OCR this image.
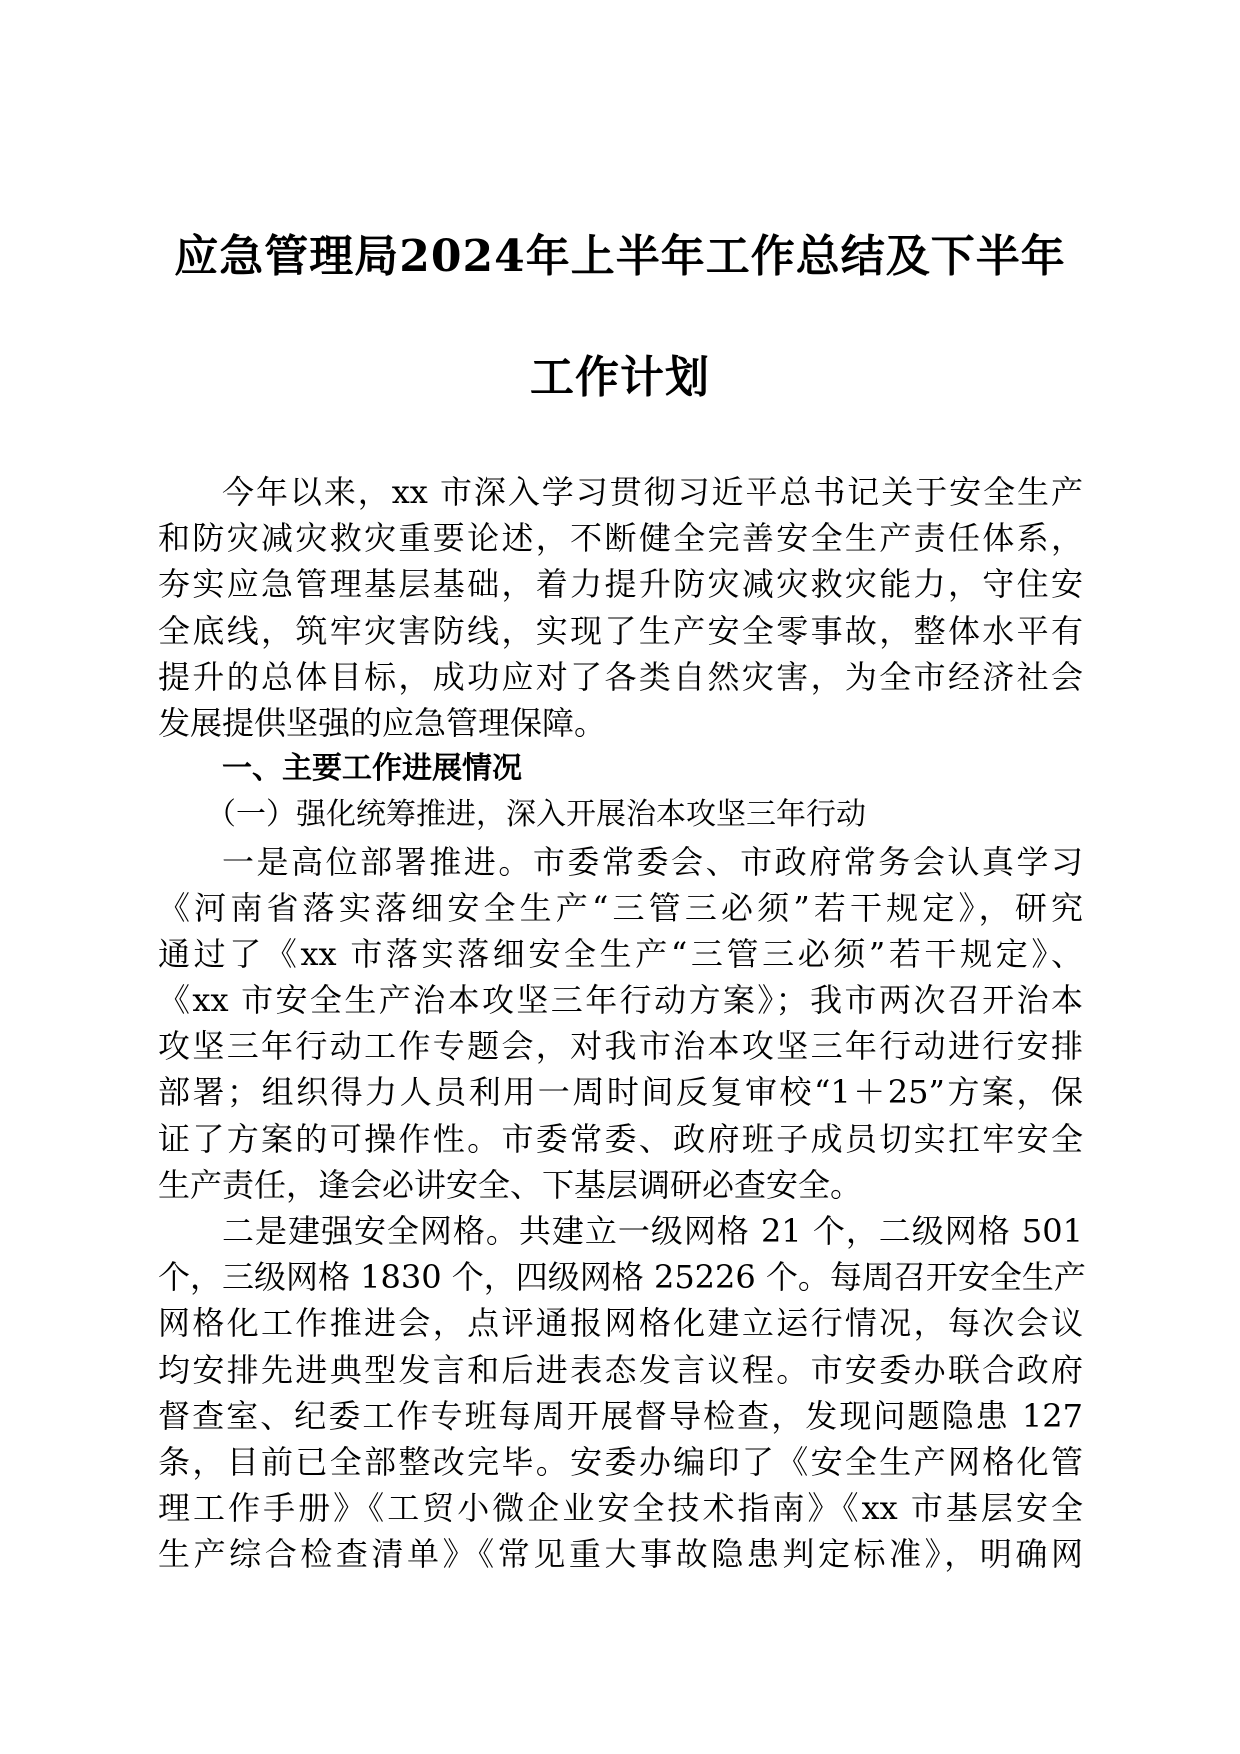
应急管理局2024年上半年工作总结及下半年
工作计划
今年以来，xx 市深入学习贯彻习近平总书记关于安全生产
和防灾减灾救灾重要论述，不断健全完善安全生产责任体系，
夯实应急管理基层基础，着力提升防灾减灾救灾能力，守住安
全底线，筑牢灾害防线，实现了生产安全零事故，整体水平有
提升的总体目标，成功应对了各类自然灾害，为全市经济社会
发展提供坚强的应急管理保障。
一、主要工作进展情况
（一）强化统筹推进，深入开展治本攻坚三年行动
一是高位部署推进。市委常委会、市政府常务会认真学习
《河南省落实落细安全生产“三管三必须”若干规定》，研究
通过了《xx 市落实落细安全生产“三管三必须”若干规定》、
《xx 市安全生产治本攻坚三年行动方案》；我市两次召开治本
攻坚三年行动工作专题会，对我市治本攻坚三年行动进行安排
部署；组织得力人员利用一周时间反复审校“1＋25”方案，保
证了方案的可操作性。市委常委、政府班子成员切实扛牢安全
生产责任，逢会必讲安全、下基层调研必查安全。
二是建强安全网格。共建立一级网格 21 个，二级网格 501
个，三级网格 1830 个，四级网格 25226 个。每周召开安全生产
网格化工作推进会，点评通报网格化建立运行情况，每次会议
均安排先进典型发言和后进表态发言议程。市安委办联合政府
督查室、纪委工作专班每周开展督导检查，发现问题隐患 127
条，目前已全部整改完毕。安委办编印了《安全生产网格化管
理工作手册》《工贸小微企业安全技术指南》《xx 市基层安全
生产综合检查清单》《常见重大事故隐患判定标准》，明确网
